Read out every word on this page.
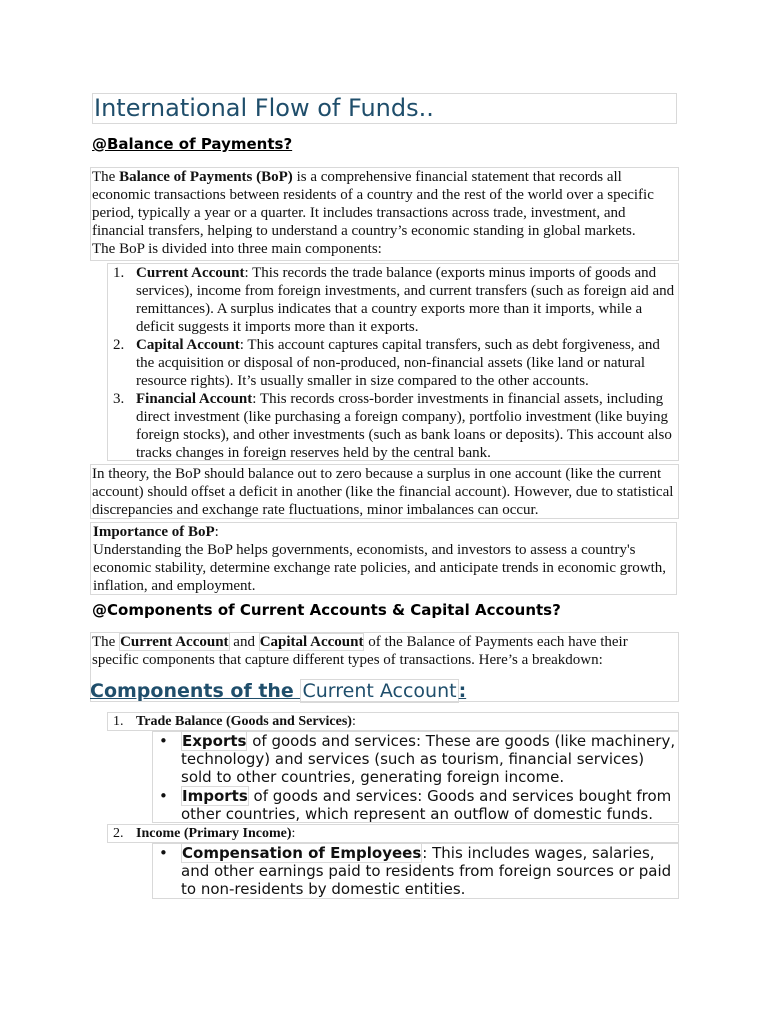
International Flow of Funds..
@Balance of Payments?
The Balance of Payments (BoP) is a comprehensive financial statement that records all economic transactions between residents of a country and the rest of the world over a specific period, typically a year or a quarter. It includes transactions across trade, investment, and financial transfers, helping to understand a country’s economic standing in global markets.
The BoP is divided into three main components:
1. Current Account: This records the trade balance (exports minus imports of goods and services), income from foreign investments, and current transfers (such as foreign aid and remittances). A surplus indicates that a country exports more than it imports, while a deficit suggests it imports more than it exports.
2. Capital Account: This account captures capital transfers, such as debt forgiveness, and the acquisition or disposal of non-produced, non-financial assets (like land or natural resource rights). It’s usually smaller in size compared to the other accounts.
3. Financial Account: This records cross-border investments in financial assets, including direct investment (like purchasing a foreign company), portfolio investment (like buying foreign stocks), and other investments (such as bank loans or deposits). This account also tracks changes in foreign reserves held by the central bank.
In theory, the BoP should balance out to zero because a surplus in one account (like the current account) should offset a deficit in another (like the financial account). However, due to statistical discrepancies and exchange rate fluctuations, minor imbalances can occur.
Importance of BoP:
Understanding the BoP helps governments, economists, and investors to assess a country's economic stability, determine exchange rate policies, and anticipate trends in economic growth, inflation, and employment.
@Components of Current Accounts & Capital Accounts?
The Current Account and Capital Account of the Balance of Payments each have their specific components that capture different types of transactions. Here’s a breakdown:
Components of the Current Account :
1. Trade Balance (Goods and Services):
• Exports of goods and services: These are goods (like machinery, technology) and services (such as tourism, financial services) sold to other countries, generating foreign income.
• Imports of goods and services: Goods and services bought from other countries, which represent an outflow of domestic funds.
2. Income (Primary Income):
• Compensation of Employees: This includes wages, salaries, and other earnings paid to residents from foreign sources or paid to non-residents by domestic entities.
